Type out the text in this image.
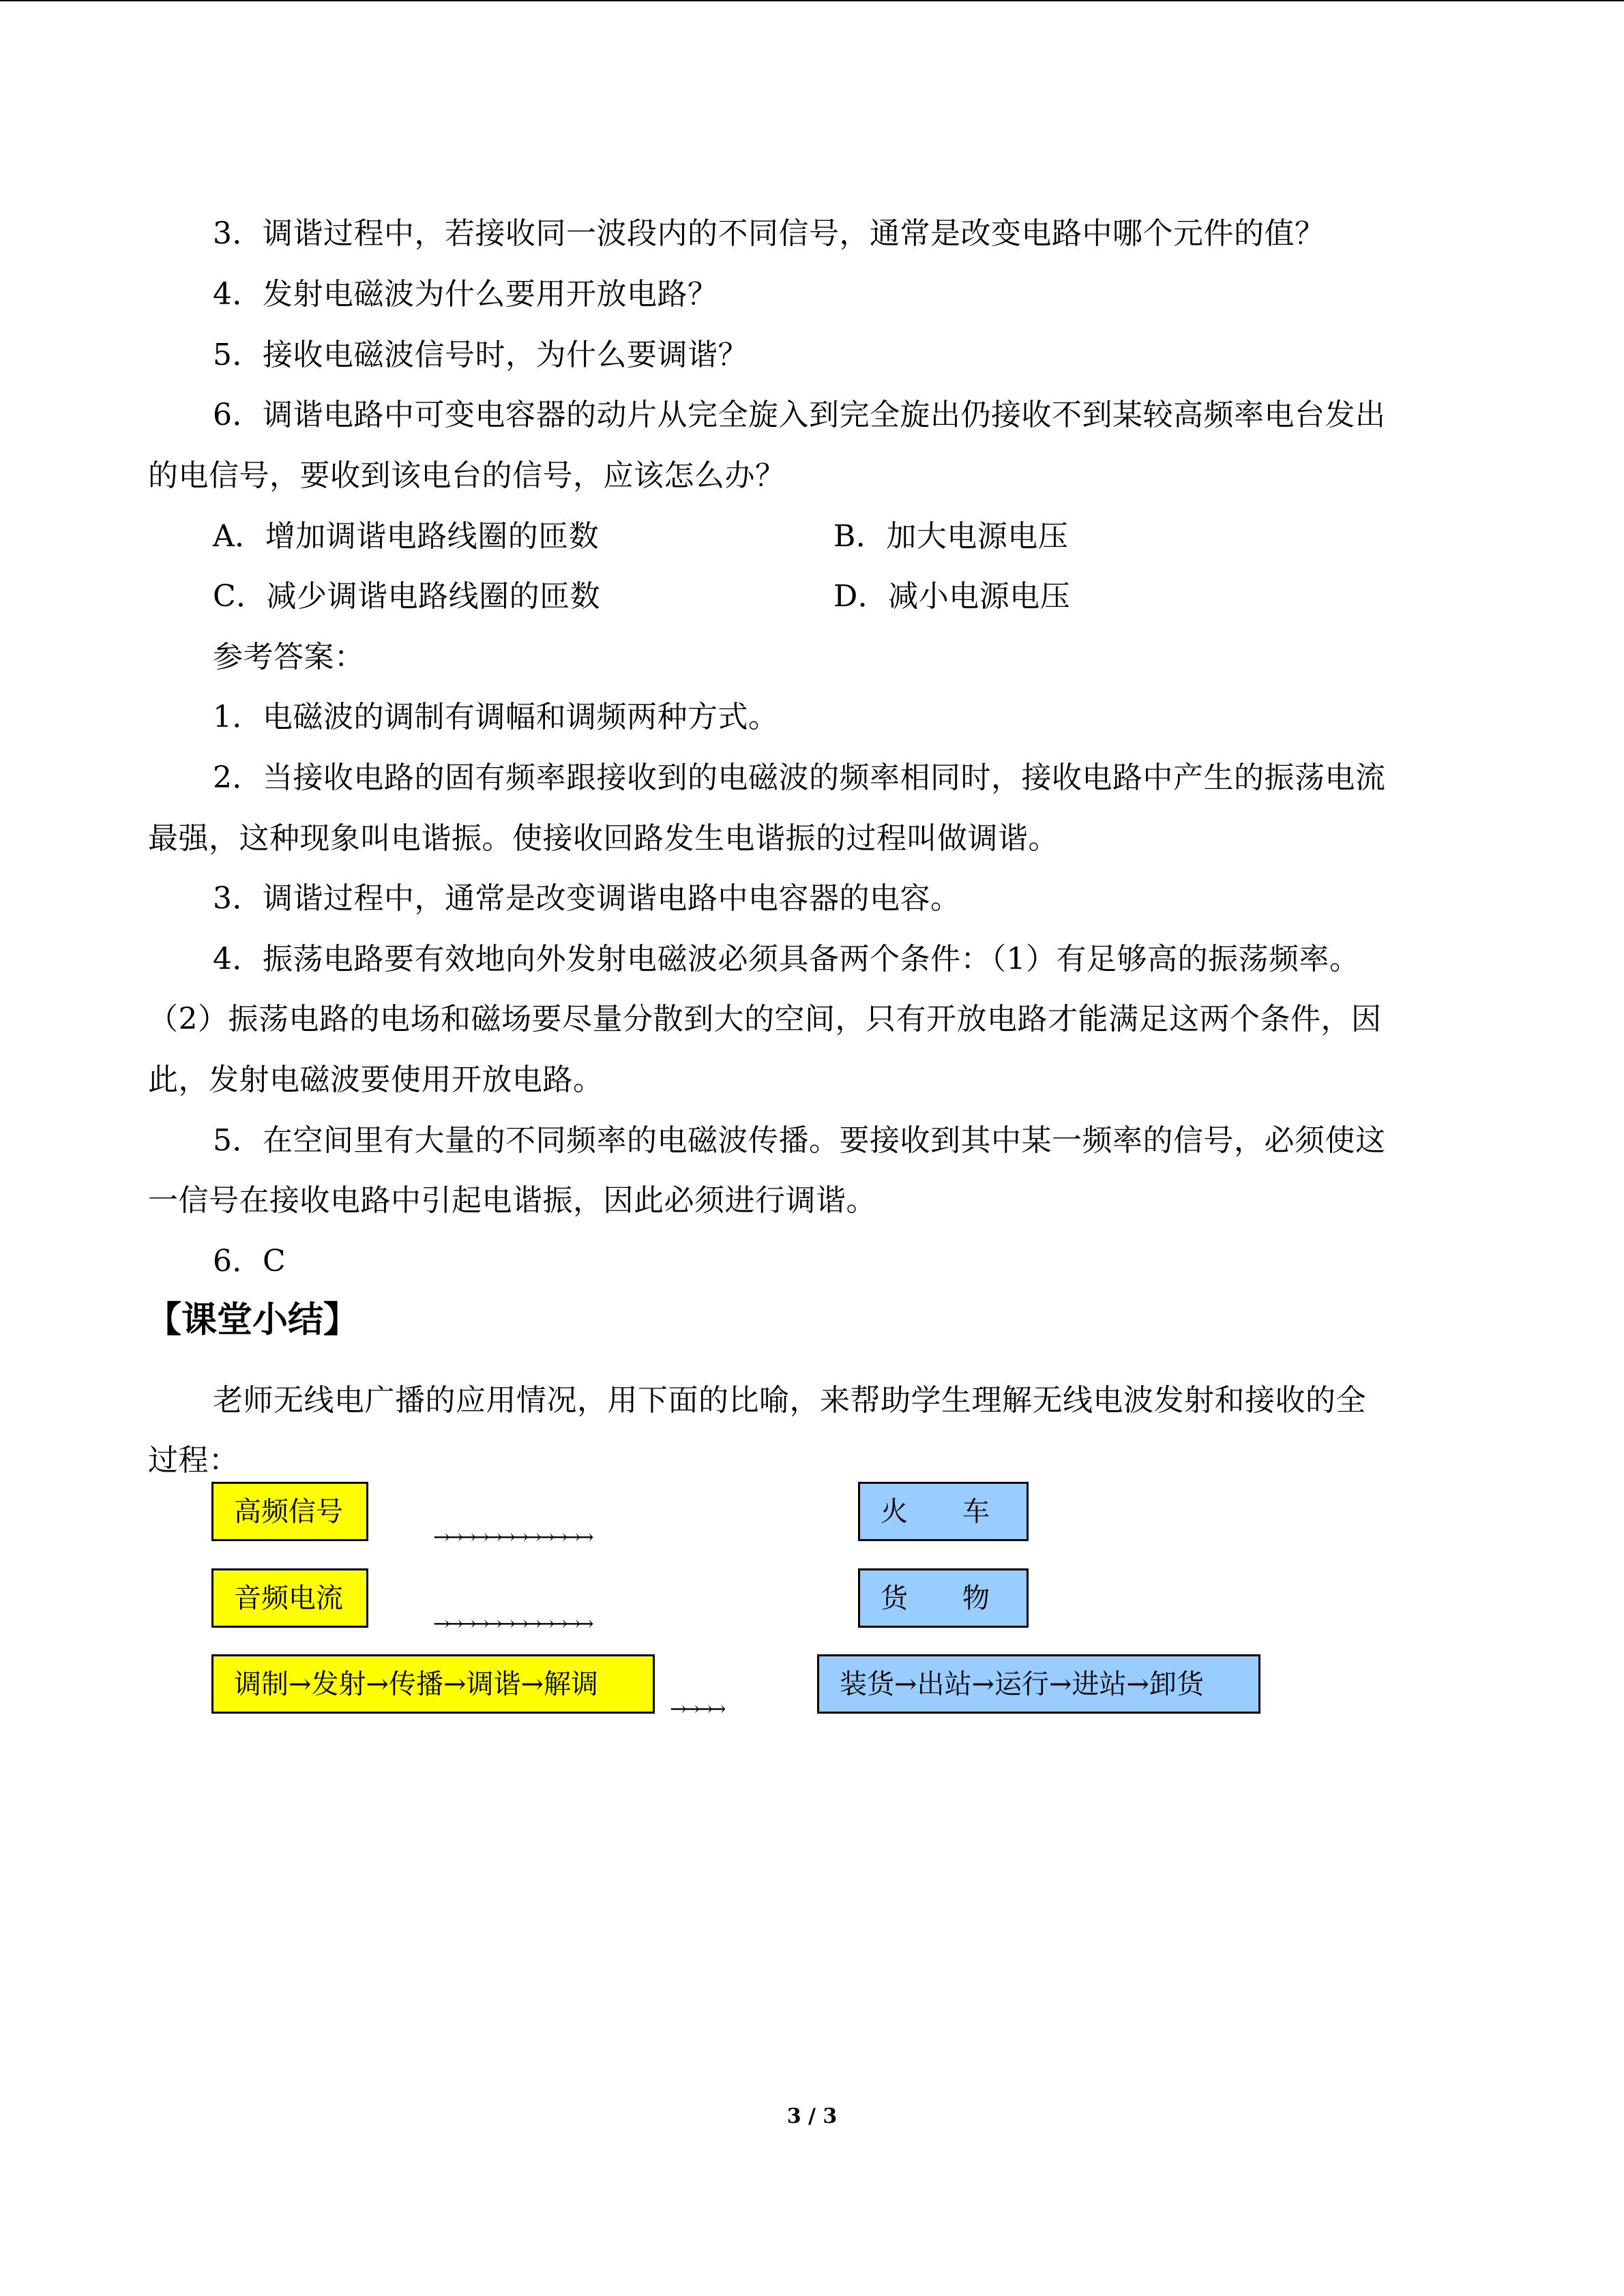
3．调谐过程中，若接收同一波段内的不同信号，通常是改变电路中哪个元件的值？
4．发射电磁波为什么要用开放电路？
5．接收电磁波信号时，为什么要调谐？
6．调谐电路中可变电容器的动片从完全旋入到完全旋出仍接收不到某较高频率电台发出
的电信号，要收到该电台的信号，应该怎么办？
A．增加调谐电路线圈的匝数	B．加大电源电压
C．减少调谐电路线圈的匝数	D．减小电源电压
参考答案：
1．电磁波的调制有调幅和调频两种方式。
2．当接收电路的固有频率跟接收到的电磁波的频率相同时，接收电路中产生的振荡电流
最强，这种现象叫电谐振。使接收回路发生电谐振的过程叫做调谐。
3．调谐过程中，通常是改变调谐电路中电容器的电容。
4．振荡电路要有效地向外发射电磁波必须具备两个条件：（1）有足够高的振荡频率。
（2）振荡电路的电场和磁场要尽量分散到大的空间，只有开放电路才能满足这两个条件，因
此，发射电磁波要使用开放电路。
5．在空间里有大量的不同频率的电磁波传播。要接收到其中某一频率的信号，必须使这
一信号在接收电路中引起电谐振，因此必须进行调谐。
6．C
【课堂小结】
老师无线电广播的应用情况，用下面的比喻，来帮助学生理解无线电波发射和接收的全
过程：
高频信号
→→→→→→→→→→→→
火　　车
音频电流
→→→→→→→→→→→→
货　　物
调制→发射→传播→调谐→解调
→→→→
装货→出站→运行→进站→卸货
3 / 3
